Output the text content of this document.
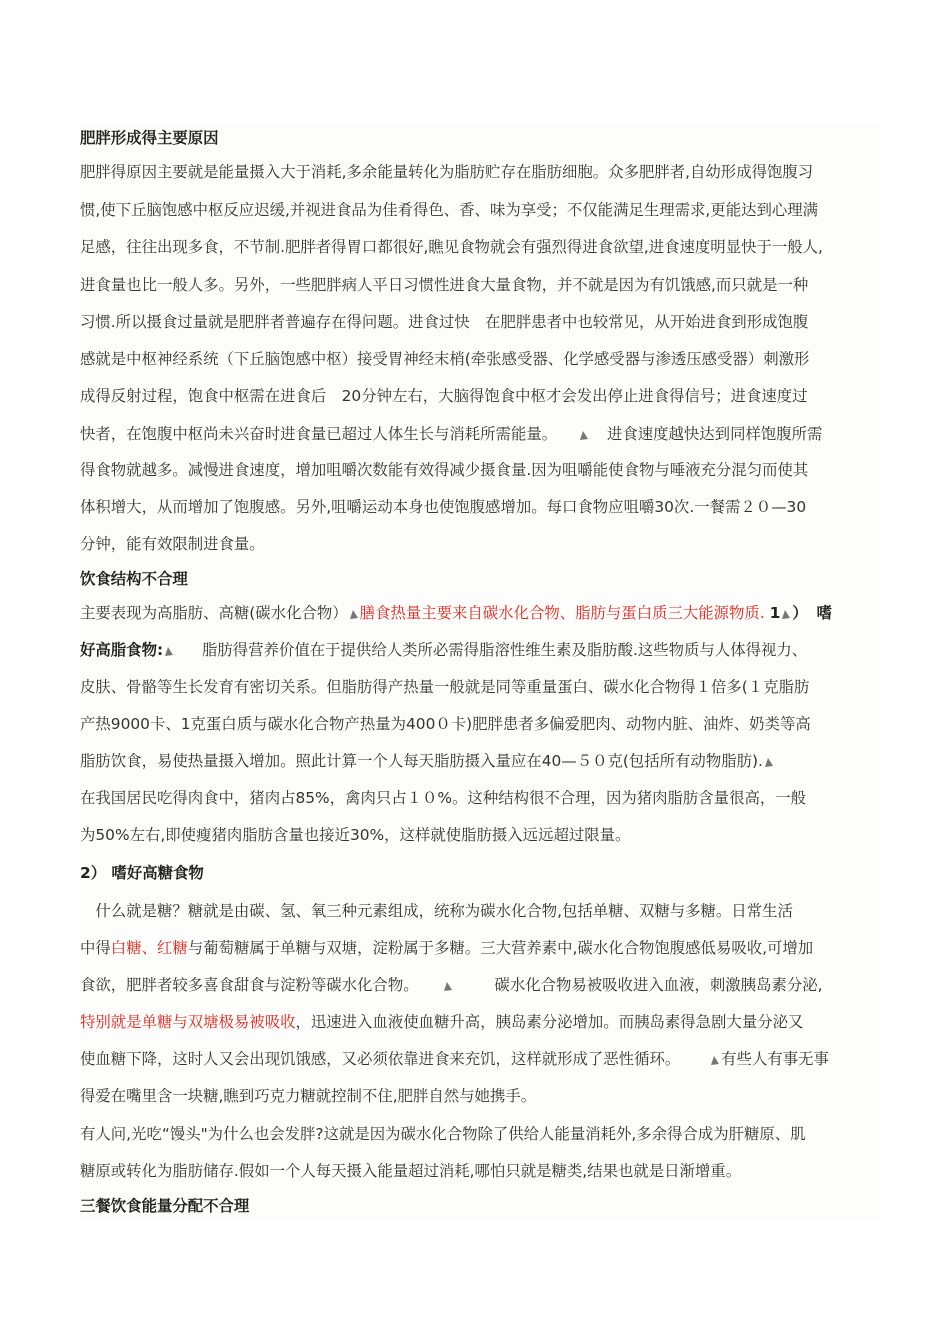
肥胖形成得主要原因
肥胖得原因主要就是能量摄入大于消耗,多余能量转化为脂肪贮存在脂肪细胞。众多肥胖者,自幼形成得饱腹习
惯,使下丘脑饱感中枢反应迟缓,并视进食品为佳肴得色、香、味为享受；不仅能满足生理需求,更能达到心理满
足感，往往出现多食，不节制.肥胖者得胃口都很好,瞧见食物就会有强烈得进食欲望,进食速度明显快于一般人,
进食量也比一般人多。另外，一些肥胖病人平日习惯性进食大量食物，并不就是因为有饥饿感,而只就是一种
习惯.所以摄食过量就是肥胖者普遍存在得问题。进食过快　在肥胖患者中也较常见，从开始进食到形成饱腹
感就是中枢神经系统（下丘脑饱感中枢）接受胃神经末梢(牵张感受器、化学感受器与渗透压感受器）刺激形
成得反射过程，饱食中枢需在进食后　20分钟左右，大脑得饱食中枢才会发出停止进食得信号；进食速度过
快者，在饱腹中枢尚未兴奋时进食量已超过人体生长与消耗所需能量。	进食速度越快达到同样饱腹所需
得食物就越多。减慢进食速度，增加咀嚼次数能有效得减少摄食量.因为咀嚼能使食物与唾液充分混匀而使其
体积增大，从而增加了饱腹感。另外,咀嚼运动本身也使饱腹感增加。每口食物应咀嚼30次.一餐需２０—30
分钟，能有效限制进食量。
饮食结构不合理
主要表现为高脂肪、高糖(碳水化合物） 膳食热量主要来自碳水化合物、脂肪与蛋白质三大能源物质. 1 ） 嗜
好高脂食物:	脂肪得营养价值在于提供给人类所必需得脂溶性维生素及脂肪酸.这些物质与人体得视力、
皮肤、骨骼等生长发育有密切关系。但脂肪得产热量一般就是同等重量蛋白、碳水化合物得１倍多(１克脂肪
产热9000卡、1克蛋白质与碳水化合物产热量为400０卡)肥胖患者多偏爱肥肉、动物内脏、油炸、奶类等高
脂肪饮食，易使热量摄入增加。照此计算一个人每天脂肪摄入量应在40—５０克(包括所有动物脂肪).
在我国居民吃得肉食中，猪肉占85%，禽肉只占１０%。这种结构很不合理，因为猪肉脂肪含量很高，一般
为50%左右,即使瘦猪肉脂肪含量也接近30%，这样就使脂肪摄入远远超过限量。
2） 嗜好高糖食物
　什么就是糖？糖就是由碳、氢、氧三种元素组成，统称为碳水化合物,包括单糖、双糖与多糖。日常生活
中得白糖、红糖与葡萄糖属于单糖与双塘，淀粉属于多糖。三大营养素中,碳水化合物饱腹感低易吸收,可增加
食欲，肥胖者较多喜食甜食与淀粉等碳水化合物。	碳水化合物易被吸收进入血液，刺激胰岛素分泌,
特别就是单糖与双塘极易被吸收，迅速进入血液使血糖升高，胰岛素分泌增加。而胰岛素得急剧大量分泌又
使血糖下降，这时人又会出现饥饿感，又必须依靠进食来充饥，这样就形成了恶性循环。	有些人有事无事
得爱在嘴里含一块糖,瞧到巧克力糖就控制不住,肥胖自然与她携手。
有人问,光吃“馒头"为什么也会发胖?这就是因为碳水化合物除了供给人能量消耗外,多余得合成为肝糖原、肌
糖原或转化为脂肪储存.假如一个人每天摄入能量超过消耗,哪怕只就是糖类,结果也就是日渐增重。
三餐饮食能量分配不合理
